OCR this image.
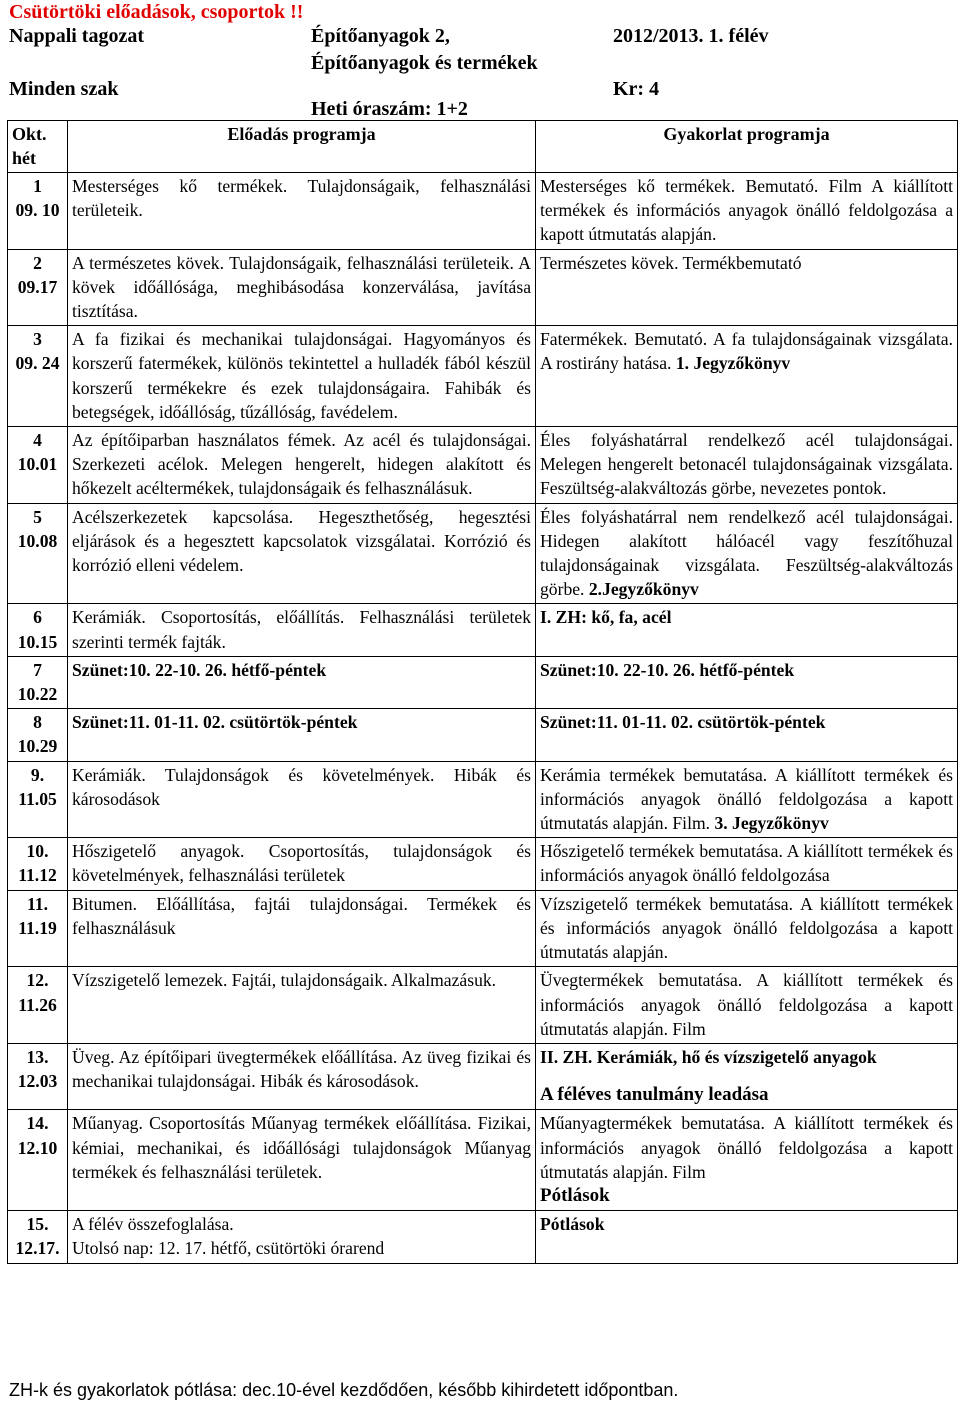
Csütörtöki előadások, csoportok !!
Nappali tagozat	Építőanyagok 2,	2012/2013. 1. félév
Építőanyagok és termékek
Minden szak	Kr: 4
Heti óraszám: 1+2
Okt. hét	Előadás programja	Gyakorlat programja

1
09. 10	Mesterséges kő termékek. Tulajdonságaik, felhasználási területeik.	Mesterséges kő termékek. Bemutató. Film A kiállított termékek és információs anyagok önálló feldolgozása a kapott útmutatás alapján.

2
09.17	A természetes kövek. Tulajdonságaik, felhasználási területeik. A kövek időállósága, meghibásodása konzerválása, javítása tisztítása.	Természetes kövek. Termékbemutató

3
09. 24	A fa fizikai és mechanikai tulajdonságai. Hagyományos és korszerű fatermékek, különös tekintettel a hulladék fából készül korszerű termékekre és ezek tulajdonságaira. Fahibák és betegségek, időállóság, tűzállóság, favédelem.	Fatermékek. Bemutató. A fa tulajdonságainak vizsgálata. A rostirány hatása. 1. Jegyzőkönyv

4
10.01	Az építőiparban használatos fémek. Az acél és tulajdonságai. Szerkezeti acélok. Melegen hengerelt, hidegen alakított és hőkezelt acéltermékek, tulajdonságaik és felhasználásuk.	Éles folyáshatárral rendelkező acél tulajdonságai. Melegen hengerelt betonacél tulajdonságainak vizsgálata. Feszültség-alakváltozás görbe, nevezetes pontok.

5
10.08	Acélszerkezetek kapcsolása. Hegeszthetőség, hegesztési eljárások és a hegesztett kapcsolatok vizsgálatai. Korrózió és korrózió elleni védelem.	Éles folyáshatárral nem rendelkező acél tulajdonságai. Hidegen alakított hálóacél vagy feszítőhuzal tulajdonságainak vizsgálata. Feszültség-alakváltozás görbe. 2.Jegyzőkönyv

6
10.15	Kerámiák. Csoportosítás, előállítás. Felhasználási területek szerinti termék fajták.	I. ZH: kő, fa, acél

7
10.22	Szünet:10. 22-10. 26. hétfő-péntek	Szünet:10. 22-10. 26. hétfő-péntek

8
10.29	Szünet:11. 01-11. 02. csütörtök-péntek	Szünet:11. 01-11. 02. csütörtök-péntek

9.
11.05	Kerámiák. Tulajdonságok és követelmények. Hibák és károsodások	Kerámia termékek bemutatása. A kiállított termékek és információs anyagok önálló feldolgozása a kapott útmutatás alapján. Film. 3. Jegyzőkönyv

10.
11.12	Hőszigetelő anyagok. Csoportosítás, tulajdonságok és követelmények, felhasználási területek	Hőszigetelő termékek bemutatása. A kiállított termékek és információs anyagok önálló feldolgozása

11.
11.19	Bitumen. Előállítása, fajtái tulajdonságai. Termékek és felhasználásuk	Vízszigetelő termékek bemutatása. A kiállított termékek és információs anyagok önálló feldolgozása a kapott útmutatás alapján.

12.
11.26	Vízszigetelő lemezek. Fajtái, tulajdonságaik. Alkalmazásuk.	Üvegtermékek bemutatása. A kiállított termékek és információs anyagok önálló feldolgozása a kapott útmutatás alapján. Film

13.
12.03	Üveg. Az építőipari üvegtermékek előállítása. Az üveg fizikai és mechanikai tulajdonságai. Hibák és károsodások.	II. ZH. Kerámiák, hő és vízszigetelő anyagok
A féléves tanulmány leadása

14.
12.10	Műanyag. Csoportosítás Műanyag termékek előállítása. Fizikai, kémiai, mechanikai, és időállósági tulajdonságok Műanyag termékek és felhasználási területek.	Műanyagtermékek bemutatása. A kiállított termékek és információs anyagok önálló feldolgozása a kapott útmutatás alapján. Film
Pótlások

15.
12.17.	A félév összefoglalása.
Utolsó nap: 12. 17. hétfő, csütörtöki órarend	Pótlások
ZH-k és gyakorlatok pótlása: dec.10-ével kezdődően, később kihirdetett időpontban.
